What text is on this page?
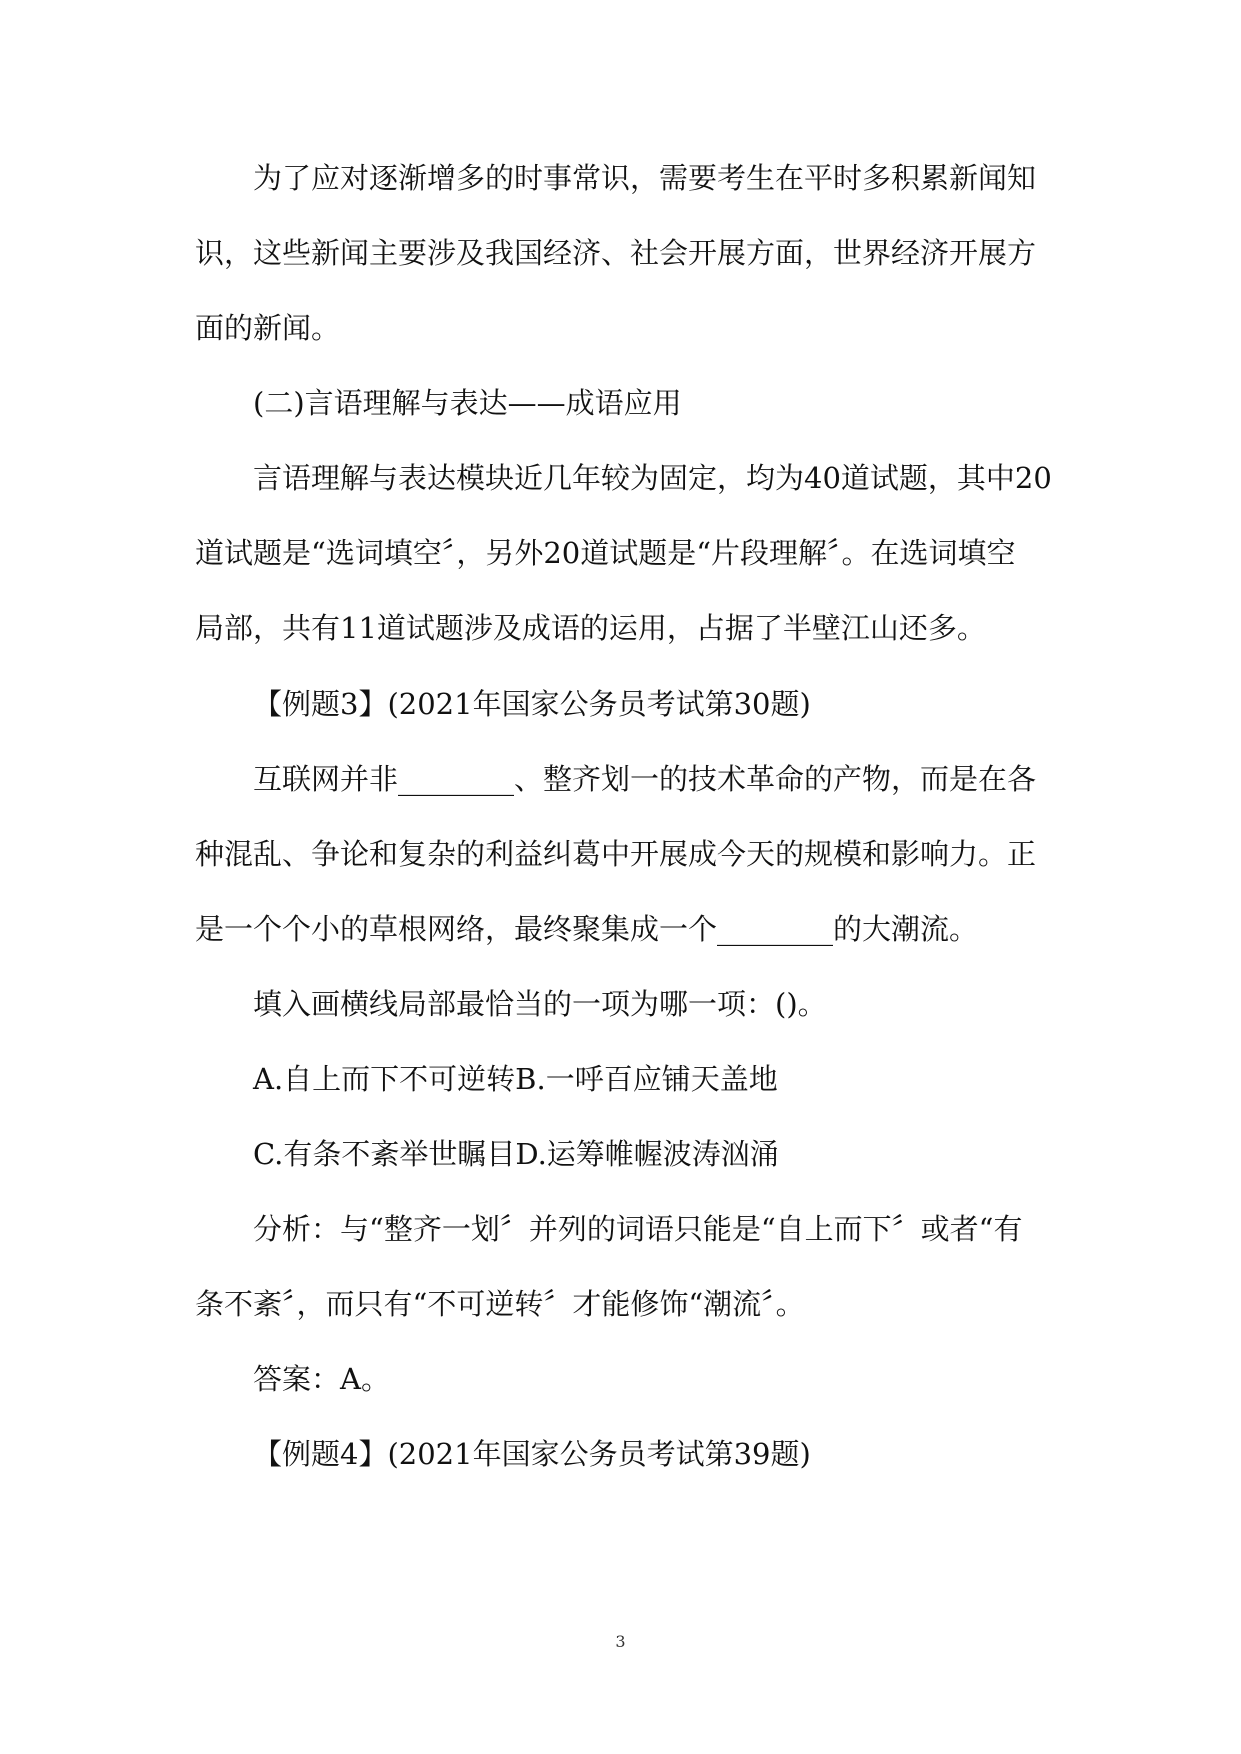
为了应对逐渐增多的时事常识，需要考生在平时多积累新闻知
识，这些新闻主要涉及我国经济、社会开展方面，世界经济开展方
面的新闻。
(二)言语理解与表达——成语应用
言语理解与表达模块近几年较为固定，均为40道试题，其中20
道试题是“选词填空〞，另外20道试题是“片段理解〞。在选词填空
局部，共有11道试题涉及成语的运用，占据了半壁江山还多。
【例题3】(2021年国家公务员考试第30题)
互联网并非________、整齐划一的技术革命的产物，而是在各
种混乱、争论和复杂的利益纠葛中开展成今天的规模和影响力。正
是一个个小的草根网络，最终聚集成一个________的大潮流。
填入画横线局部最恰当的一项为哪一项：()。
A.自上而下不可逆转B.一呼百应铺天盖地
C.有条不紊举世瞩目D.运筹帷幄波涛汹涌
分析：与“整齐一划〞并列的词语只能是“自上而下〞或者“有
条不紊〞，而只有“不可逆转〞才能修饰“潮流〞。
答案：A。
【例题4】(2021年国家公务员考试第39题)
3
